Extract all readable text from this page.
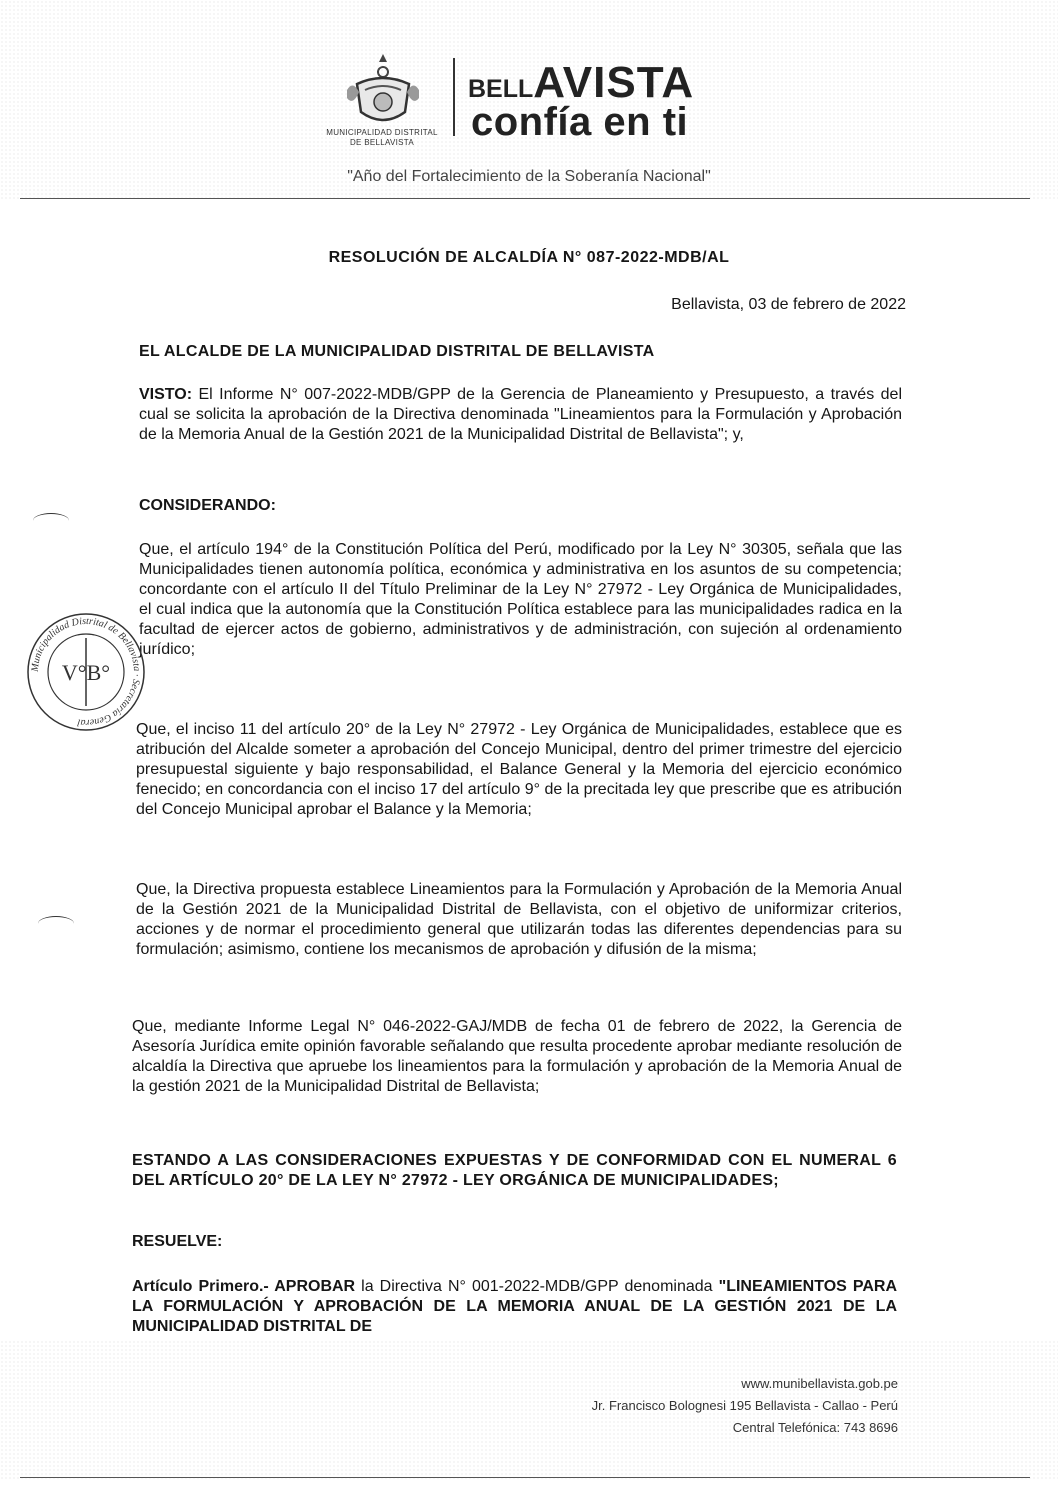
MUNICIPALIDAD DISTRITAL
DE BELLAVISTA
BELLAVISTA
confía en ti
"Año del Fortalecimiento de la Soberanía Nacional"
RESOLUCIÓN DE ALCALDÍA N° 087-2022-MDB/AL
Bellavista, 03 de febrero de 2022
EL ALCALDE DE LA MUNICIPALIDAD DISTRITAL DE BELLAVISTA
VISTO: El Informe N° 007-2022-MDB/GPP de la Gerencia de Planeamiento y Presupuesto, a través del cual se solicita la aprobación de la Directiva denominada "Lineamientos para la Formulación y Aprobación de la Memoria Anual de la Gestión 2021 de la Municipalidad Distrital de Bellavista"; y,
CONSIDERANDO:
Que, el artículo 194° de la Constitución Política del Perú, modificado por la Ley N° 30305, señala que las Municipalidades tienen autonomía política, económica y administrativa en los asuntos de su competencia; concordante con el artículo II del Título Preliminar de la Ley N° 27972 - Ley Orgánica de Municipalidades, el cual indica que la autonomía que la Constitución Política establece para las municipalidades radica en la facultad de ejercer actos de gobierno, administrativos y de administración, con sujeción al ordenamiento jurídico;
Que, el inciso 11 del artículo 20° de la Ley N° 27972 - Ley Orgánica de Municipalidades, establece que es atribución del Alcalde someter a aprobación del Concejo Municipal, dentro del primer trimestre del ejercicio presupuestal siguiente y bajo responsabilidad, el Balance General y la Memoria del ejercicio económico fenecido; en concordancia con el inciso 17 del artículo 9° de la precitada ley que prescribe que es atribución del Concejo Municipal aprobar el Balance y la Memoria;
Que, la Directiva propuesta establece Lineamientos para la Formulación y Aprobación de la Memoria Anual de la Gestión 2021 de la Municipalidad Distrital de Bellavista, con el objetivo de uniformizar criterios, acciones y de normar el procedimiento general que utilizarán todas las diferentes dependencias para su formulación; asimismo, contiene los mecanismos de aprobación y difusión de la misma;
Que, mediante Informe Legal N° 046-2022-GAJ/MDB de fecha 01 de febrero de 2022, la Gerencia de Asesoría Jurídica emite opinión favorable señalando que resulta procedente aprobar mediante resolución de alcaldía la Directiva que apruebe los lineamientos para la formulación y aprobación de la Memoria Anual de la gestión 2021 de la Municipalidad Distrital de Bellavista;
ESTANDO A LAS CONSIDERACIONES EXPUESTAS Y DE CONFORMIDAD CON EL NUMERAL 6 DEL ARTÍCULO 20° DE LA LEY N° 27972 - LEY ORGÁNICA DE MUNICIPALIDADES;
RESUELVE:
Artículo Primero.- APROBAR la Directiva N° 001-2022-MDB/GPP denominada "LINEAMIENTOS PARA LA FORMULACIÓN Y APROBACIÓN DE LA MEMORIA ANUAL DE LA GESTIÓN 2021 DE LA MUNICIPALIDAD DISTRITAL DE
Municipalidad Distrital de Bellavista · Secretaría General
V°B°
www.munibellavista.gob.pe
Jr. Francisco Bolognesi 195 Bellavista - Callao - Perú
Central Telefónica: 743 8696
